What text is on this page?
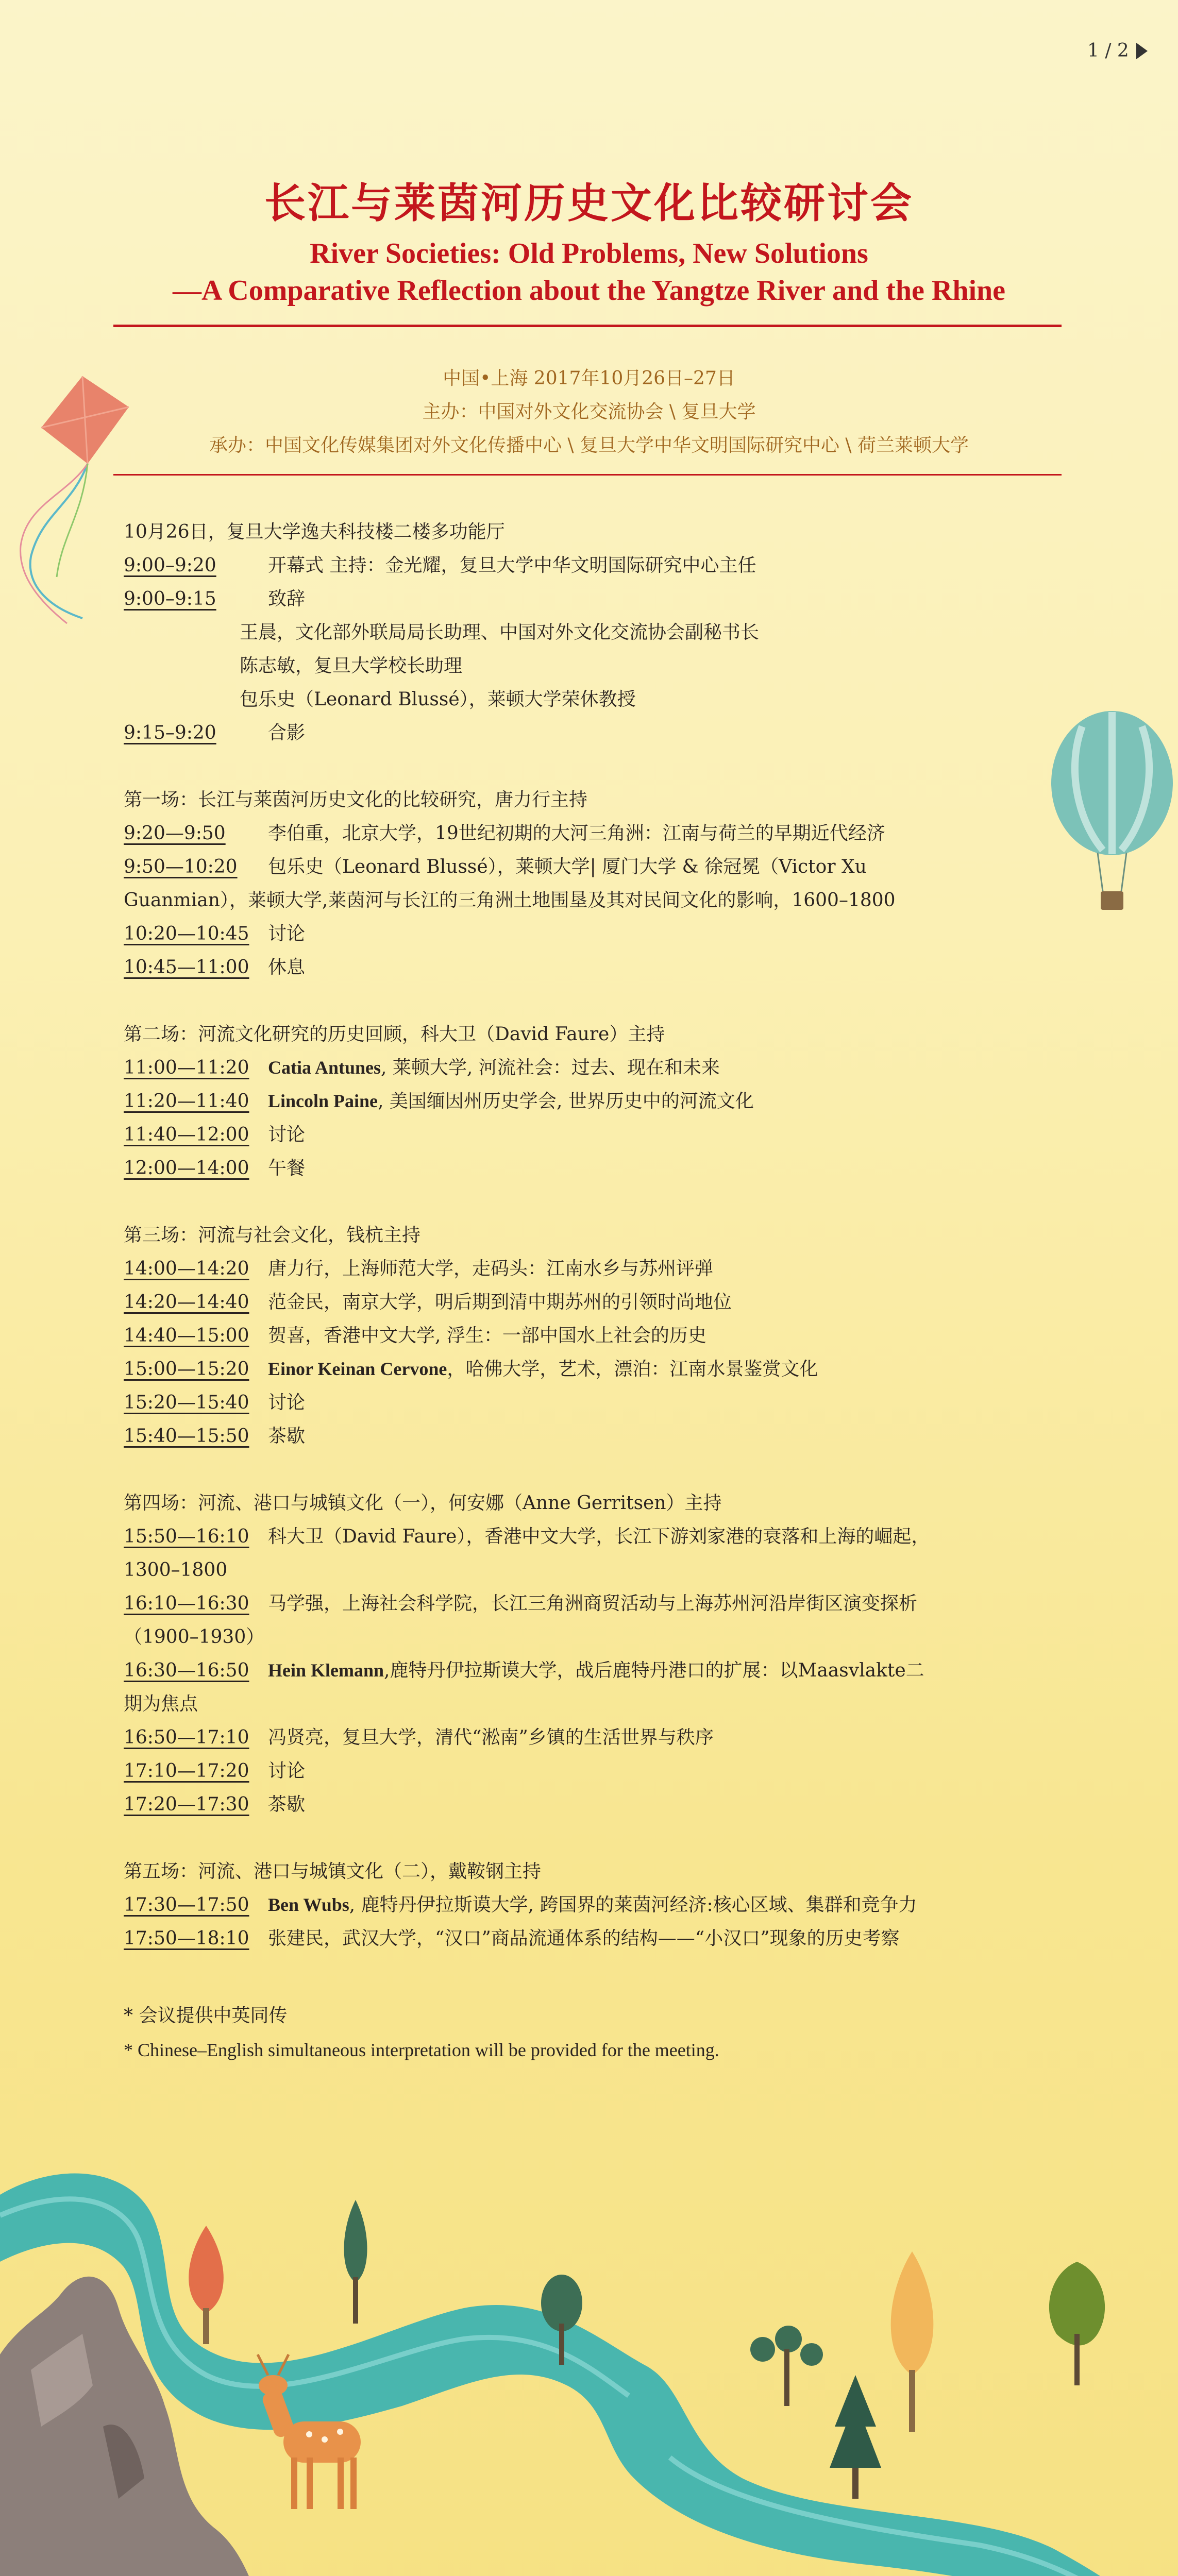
1 / 2
长江与莱茵河历史文化比较研讨会
River Societies: Old Problems, New Solutions
—A Comparative Reflection about the Yangtze River and the Rhine
中国•上海 2017年10月26日–27日
主办：中国对外文化交流协会 \ 复旦大学
承办：中国文化传媒集团对外文化传播中心 \ 复旦大学中华文明国际研究中心 \ 荷兰莱顿大学
10月26日，复旦大学逸夫科技楼二楼多功能厅
9:00–9:20	开幕式 主持：金光耀，复旦大学中华文明国际研究中心主任
9:00–9:15	致辞
王晨，文化部外联局局长助理、中国对外文化交流协会副秘书长
陈志敏，复旦大学校长助理
包乐史（Leonard Blussé），莱顿大学荣休教授
9:15–9:20	合影
第一场：长江与莱茵河历史文化的比较研究，唐力行主持
9:20—9:50	李伯重，北京大学，19世纪初期的大河三角洲：江南与荷兰的早期近代经济
9:50—10:20	包乐史（Leonard Blussé），莱顿大学| 厦门大学 & 徐冠冕（Victor Xu
Guanmian），莱顿大学,莱茵河与长江的三角洲土地围垦及其对民间文化的影响，1600–1800
10:20—10:45 讨论
10:45—11:00 休息
第二场：河流文化研究的历史回顾，科大卫（David Faure）主持
11:00—11:20 Catia Antunes, 莱顿大学, 河流社会：过去、现在和未来
11:20—11:40 Lincoln Paine, 美国缅因州历史学会, 世界历史中的河流文化
11:40—12:00 讨论
12:00—14:00 午餐
第三场：河流与社会文化，钱杭主持
14:00—14:20 唐力行，上海师范大学，走码头：江南水乡与苏州评弹
14:20—14:40 范金民，南京大学，明后期到清中期苏州的引领时尚地位
14:40—15:00 贺喜，香港中文大学, 浮生：一部中国水上社会的历史
15:00—15:20 Einor Keinan Cervone，哈佛大学，艺术，漂泊：江南水景鉴赏文化
15:20—15:40 讨论
15:40—15:50 茶歇
第四场：河流、港口与城镇文化（一），何安娜（Anne Gerritsen）主持
15:50—16:10 科大卫（David Faure），香港中文大学，长江下游刘家港的衰落和上海的崛起，
1300–1800
16:10—16:30 马学强，上海社会科学院，长江三角洲商贸活动与上海苏州河沿岸街区演变探析
（1900–1930）
16:30—16:50 Hein Klemann,鹿特丹伊拉斯谟大学，战后鹿特丹港口的扩展：以Maasvlakte二
期为焦点
16:50—17:10 冯贤亮，复旦大学，清代“淞南”乡镇的生活世界与秩序
17:10—17:20 讨论
17:20—17:30 茶歇
第五场：河流、港口与城镇文化（二），戴鞍钢主持
17:30—17:50 Ben Wubs, 鹿特丹伊拉斯谟大学, 跨国界的莱茵河经济:核心区域、集群和竞争力
17:50—18:10 张建民，武汉大学，“汉口”商品流通体系的结构——“小汉口”现象的历史考察
* 会议提供中英同传
* Chinese–English simultaneous interpretation will be provided for the meeting.
